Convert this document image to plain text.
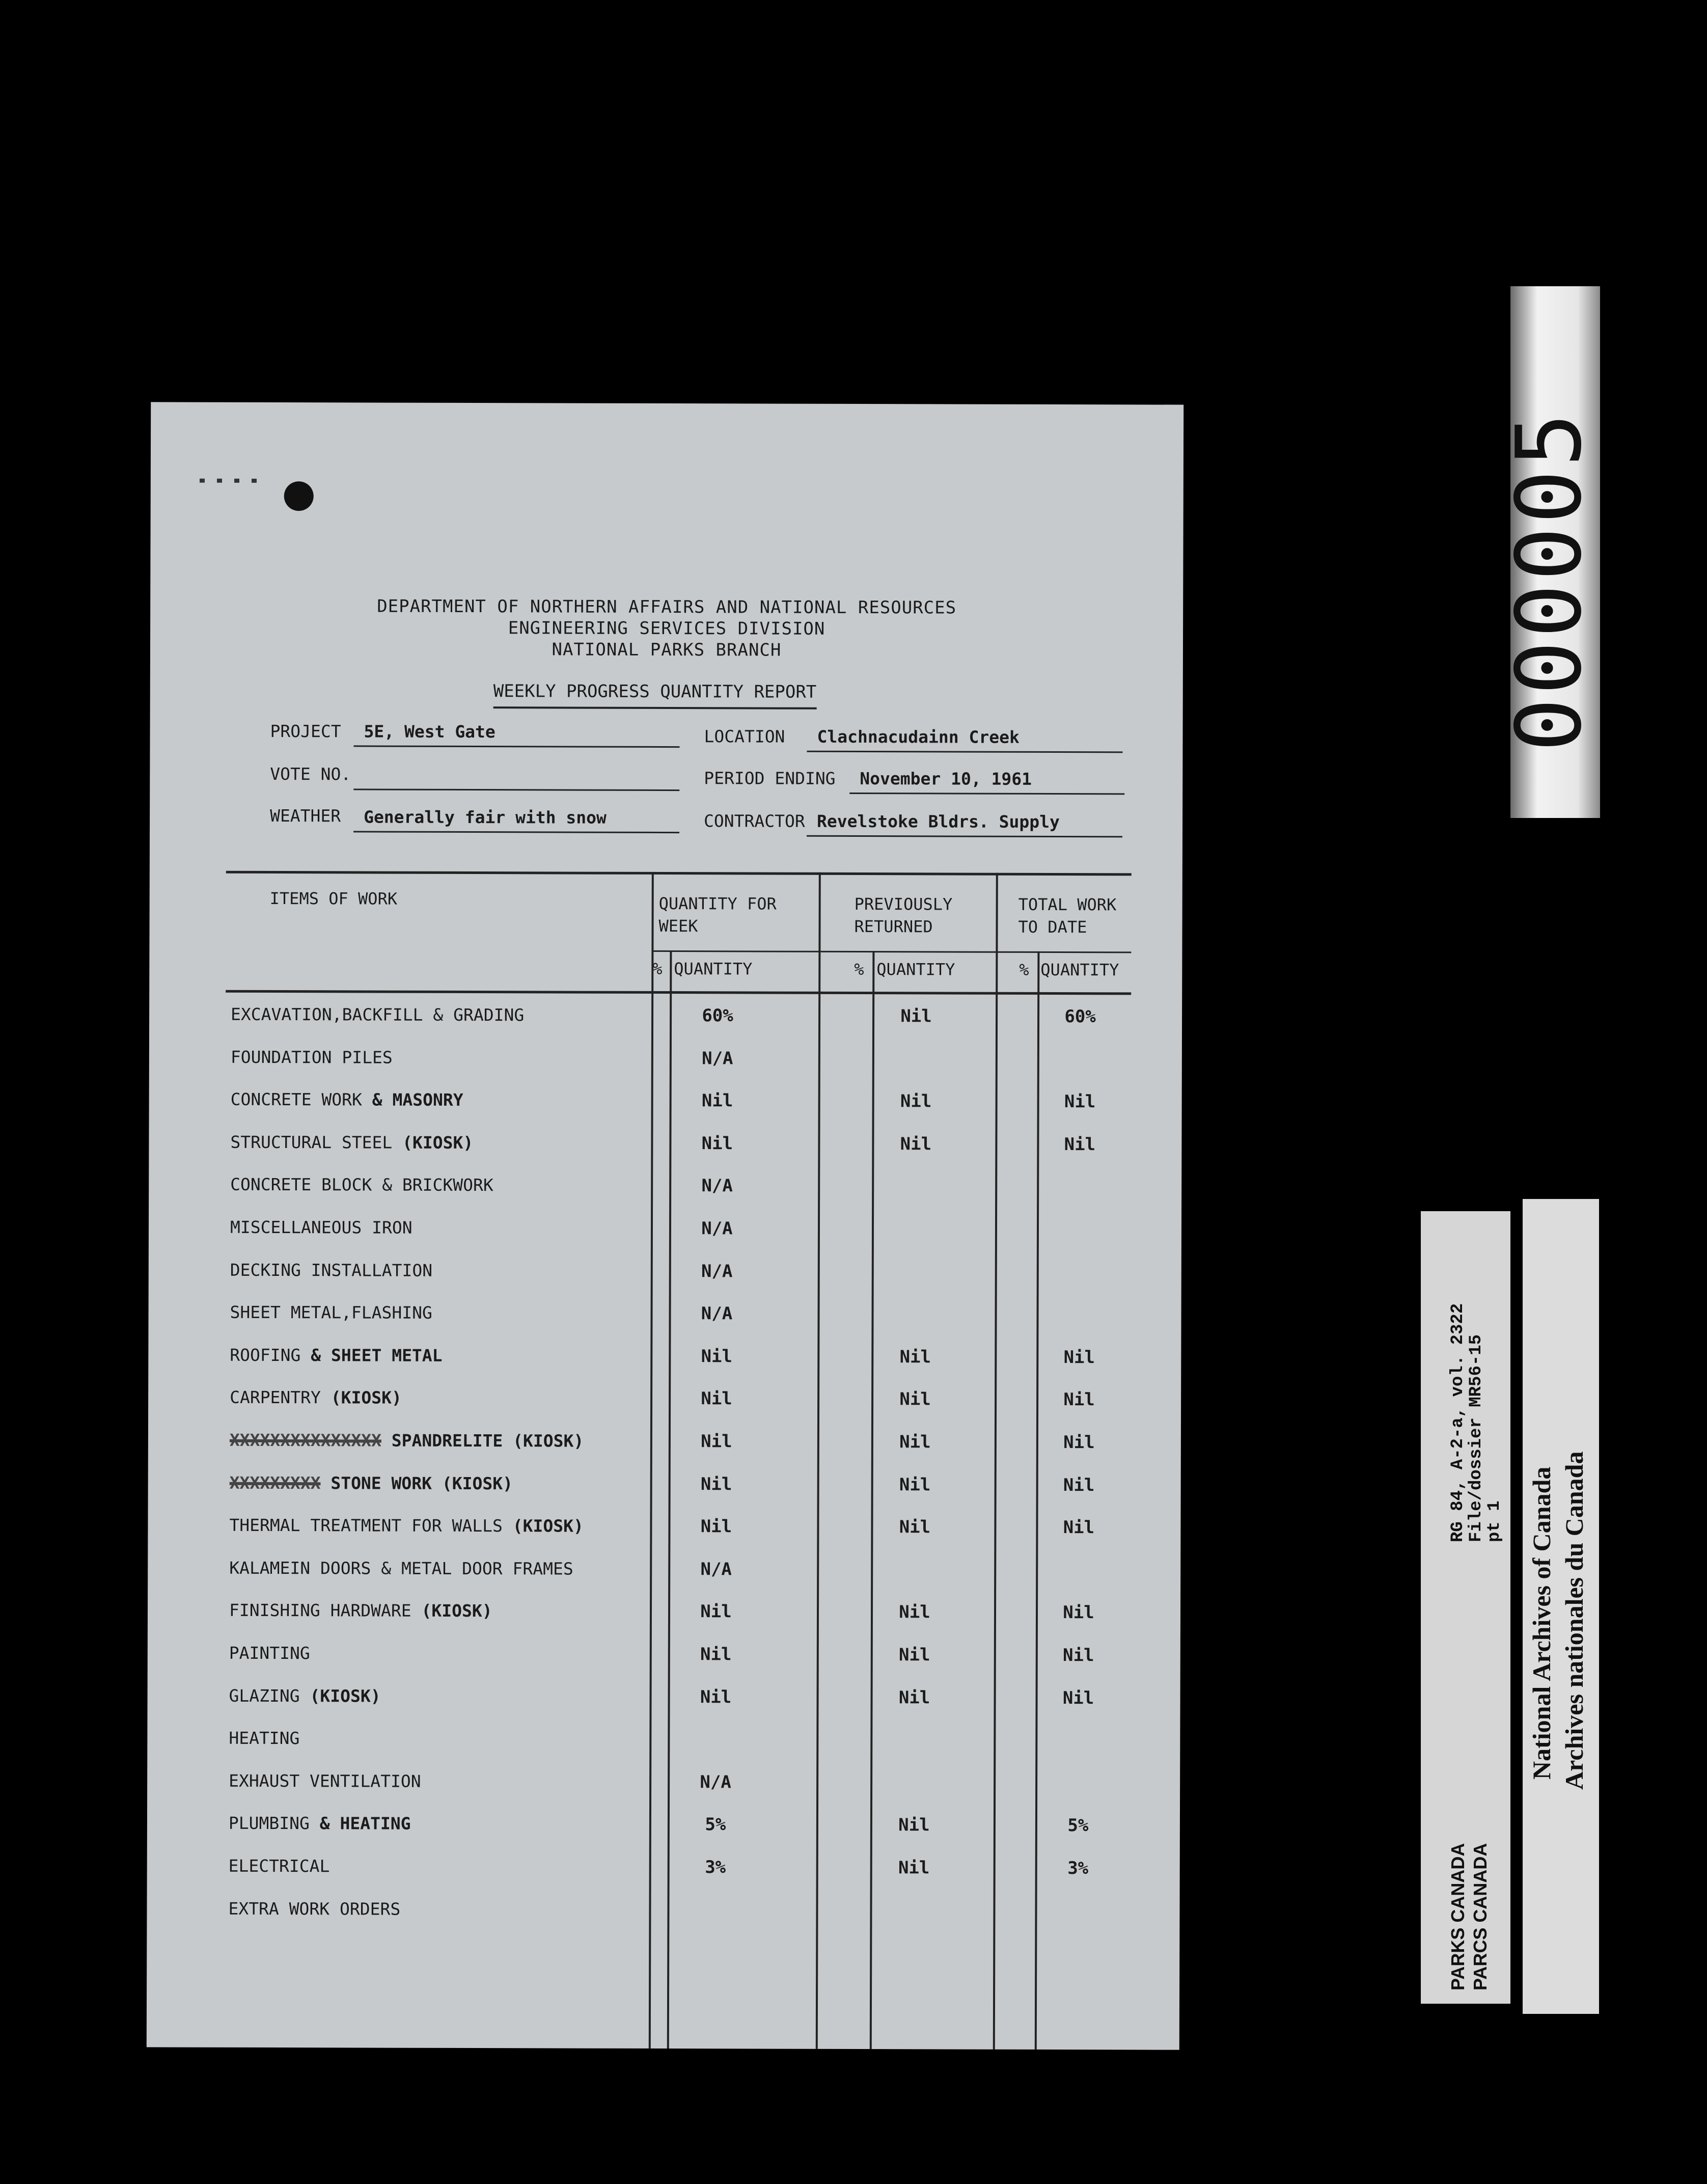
DEPARTMENT OF NORTHERN AFFAIRS AND NATIONAL RESOURCES
ENGINEERING SERVICES DIVISION
NATIONAL PARKS BRANCH
WEEKLY PROGRESS QUANTITY REPORT
PROJECT	5E, West Gate	LOCATION	Clachnacudainn Creek
VOTE NO.	PERIOD ENDING	November 10, 1961
WEATHER	Generally fair with snow	CONTRACTOR Revelstoke Bldrs. Supply
ITEMS OF WORK	QUANTITY FOR
WEEK
PREVIOUSLY
RETURNED
TOTAL WORK
TO DATE
% QUANTITY	% QUANTITY	% QUANTITY
EXCAVATION,BACKFILL & GRADING	60%	Nil	60%
FOUNDATION PILES	N/A
CONCRETE WORK & MASONRY	Nil	Nil	Nil
STRUCTURAL STEEL (KIOSK)	Nil	Nil	Nil
CONCRETE BLOCK & BRICKWORK	N/A
MISCELLANEOUS IRON	N/A
DECKING INSTALLATION	N/A
SHEET METAL,FLASHING	N/A
ROOFING & SHEET METAL	Nil	Nil	Nil
CARPENTRY (KIOSK)	Nil	Nil	Nil
XXXXXXXXXXXXXXX SPANDRELITE (KIOSK)	Nil	Nil	Nil
XXXXXXXXX STONE WORK (KIOSK)	Nil	Nil	Nil
THERMAL TREATMENT FOR WALLS (KIOSK)	Nil	Nil	Nil
KALAMEIN DOORS & METAL DOOR FRAMES	N/A
FINISHING HARDWARE (KIOSK)	Nil	Nil	Nil
PAINTING	Nil	Nil	Nil
GLAZING (KIOSK)	Nil	Nil	Nil
HEATING
EXHAUST VENTILATION	N/A
PLUMBING & HEATING	5%	Nil	5%
ELECTRICAL	3%	Nil	3%
EXTRA WORK ORDERS
000005
PARKS CANADA PARCS CANADA
RG 84, A-2-a, vol. 2322
File/dossier MR56-15
pt 1 National Archives of Canada Archives nationales du Canada
